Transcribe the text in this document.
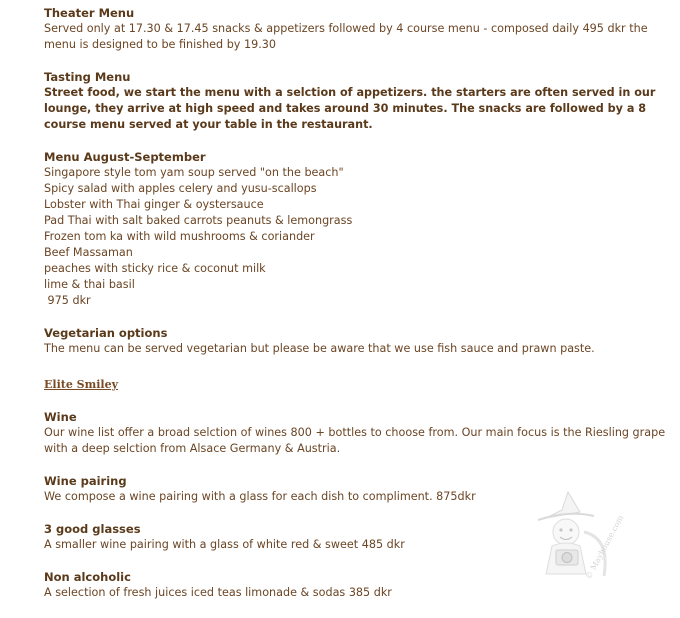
Theater Menu

Served only at 17.30 & 17.45 snacks & appetizers followed by 4 course menu - composed daily 495 dkr the menu is designed to be finished by 19.30

Tasting Menu

Street food, we start the menu with a selction of appetizers. the starters are often served in our lounge, they arrive at high speed and takes around 30 minutes. The snacks are followed by a 8 course menu served at your table in the restaurant.

Menu August-September
Singapore style tom yam soup served "on the beach"
Spicy salad with apples celery and yusu-scallops
Lobster with Thai ginger & oystersauce
Pad Thai with salt baked carrots peanuts & lemongrass
Frozen tom ka with wild mushrooms & coriander
Beef Massaman
peaches with sticky rice & coconut milk
lime & thai basil
975 dkr
Vegetarian options

The menu can be served vegetarian but please be aware that we use fish sauce and prawn paste.

Elite Smiley
Wine

Our wine list offer a broad selction of wines 800 + bottles to choose from. Our main focus is the Riesling grape with a deep selction from Alsace Germany & Austria.

Wine pairing

We compose a wine pairing with a glass for each dish to compliment. 875dkr

3 good glasses

A smaller wine pairing with a glass of white red & sweet 485 dkr

Non alcoholic

A selection of fresh juices iced teas limonade & sodas 385 dkr

© Mayhouse.com
